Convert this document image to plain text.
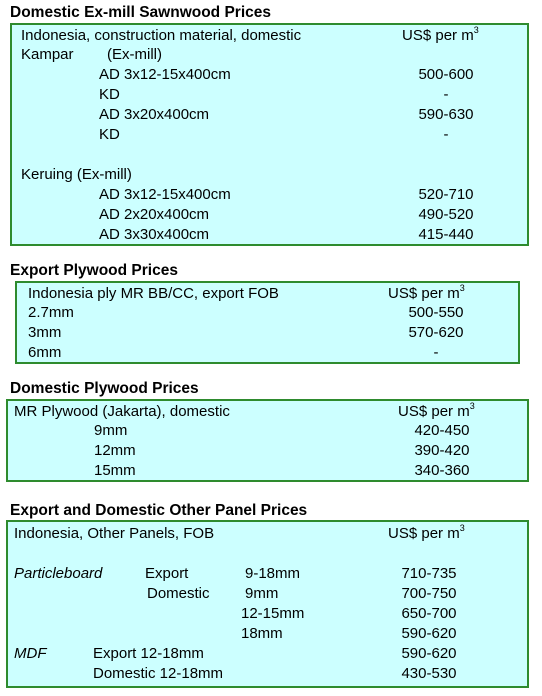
Domestic Ex-mill Sawnwood Prices
Indonesia, construction material, domestic	US$ per $m^3$
Kampar (Ex-mill)
AD 3x12-15x400cm	500-600
KD	-
AD 3x20x400cm	590-630
KD	-
Keruing (Ex-mill)
AD 3x12-15x400cm	520-710
AD 2x20x400cm	490-520
AD 3x30x400cm	415-440
Export Plywood Prices
Indonesia ply MR BB/CC, export FOB	US$ per $m^3$
2.7mm	500-550
3mm	570-620
6mm	-
Domestic Plywood Prices
MR Plywood (Jakarta), domestic	US$ per $m^3$
9mm	420-450
12mm	390-420
15mm	340-360
Export and Domestic Other Panel Prices
Indonesia, Other Panels, FOB	US$ per $m^3$
Particleboard	Export	9-18mm	710-735
Domestic 9mm	700-750
12-15mm	650-700
18mm	590-620
MDF	Export 12-18mm	590-620
Domestic 12-18mm	430-530
